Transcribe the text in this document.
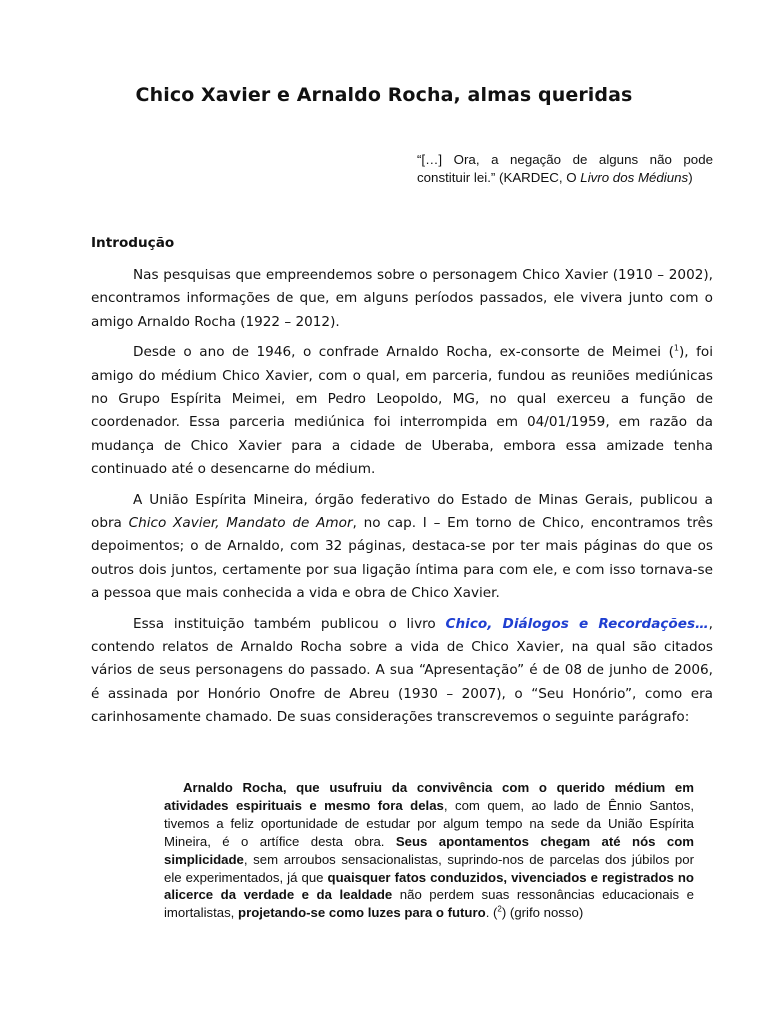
Chico Xavier e Arnaldo Rocha, almas queridas
“[…] Ora, a negação de alguns não pode constituir lei.” (KARDEC, O Livro dos Médiuns)
Introdução

Nas pesquisas que empreendemos sobre o personagem Chico Xavier (1910 – 2002), encontramos informações de que, em alguns períodos passados, ele vivera junto com o amigo Arnaldo Rocha (1922 – 2012).

Desde o ano de 1946, o confrade Arnaldo Rocha, ex-consorte de Meimei ($^1$), foi amigo do médium Chico Xavier, com o qual, em parceria, fundou as reuniões mediúnicas no Grupo Espírita Meimei, em Pedro Leopoldo, MG, no qual exerceu a função de coordenador. Essa parceria mediúnica foi interrompida em 04/01/1959, em razão da mudança de Chico Xavier para a cidade de Uberaba, embora essa amizade tenha continuado até o desencarne do médium.

A União Espírita Mineira, órgão federativo do Estado de Minas Gerais, publicou a obra Chico Xavier, Mandato de Amor, no cap. I – Em torno de Chico, encontramos três depoimentos; o de Arnaldo, com 32 páginas, destaca-se por ter mais páginas do que os outros dois juntos, certamente por sua ligação íntima para com ele, e com isso tornava-se a pessoa que mais conhecida a vida e obra de Chico Xavier.

Essa instituição também publicou o livro Chico, Diálogos e Recordações…, contendo relatos de Arnaldo Rocha sobre a vida de Chico Xavier, na qual são citados vários de seus personagens do passado. A sua “Apresentação” é de 08 de junho de 2006, é assinada por Honório Onofre de Abreu (1930 – 2007), o “Seu Honório”, como era carinhosamente chamado. De suas considerações transcrevemos o seguinte parágrafo:

Arnaldo Rocha, que usufruiu da convivência com o querido médium em atividades espirituais e mesmo fora delas, com quem, ao lado de Ênnio Santos, tivemos a feliz oportunidade de estudar por algum tempo na sede da União Espírita Mineira, é o artífice desta obra. Seus apontamentos chegam até nós com simplicidade, sem arroubos sensacionalistas, suprindo-nos de parcelas dos júbilos por ele experimentados, já que quaisquer fatos conduzidos, vivenciados e registrados no alicerce da verdade e da lealdade não perdem suas ressonâncias educacionais e imortalistas, projetando-se como luzes para o futuro. ($^2$) (grifo nosso)
